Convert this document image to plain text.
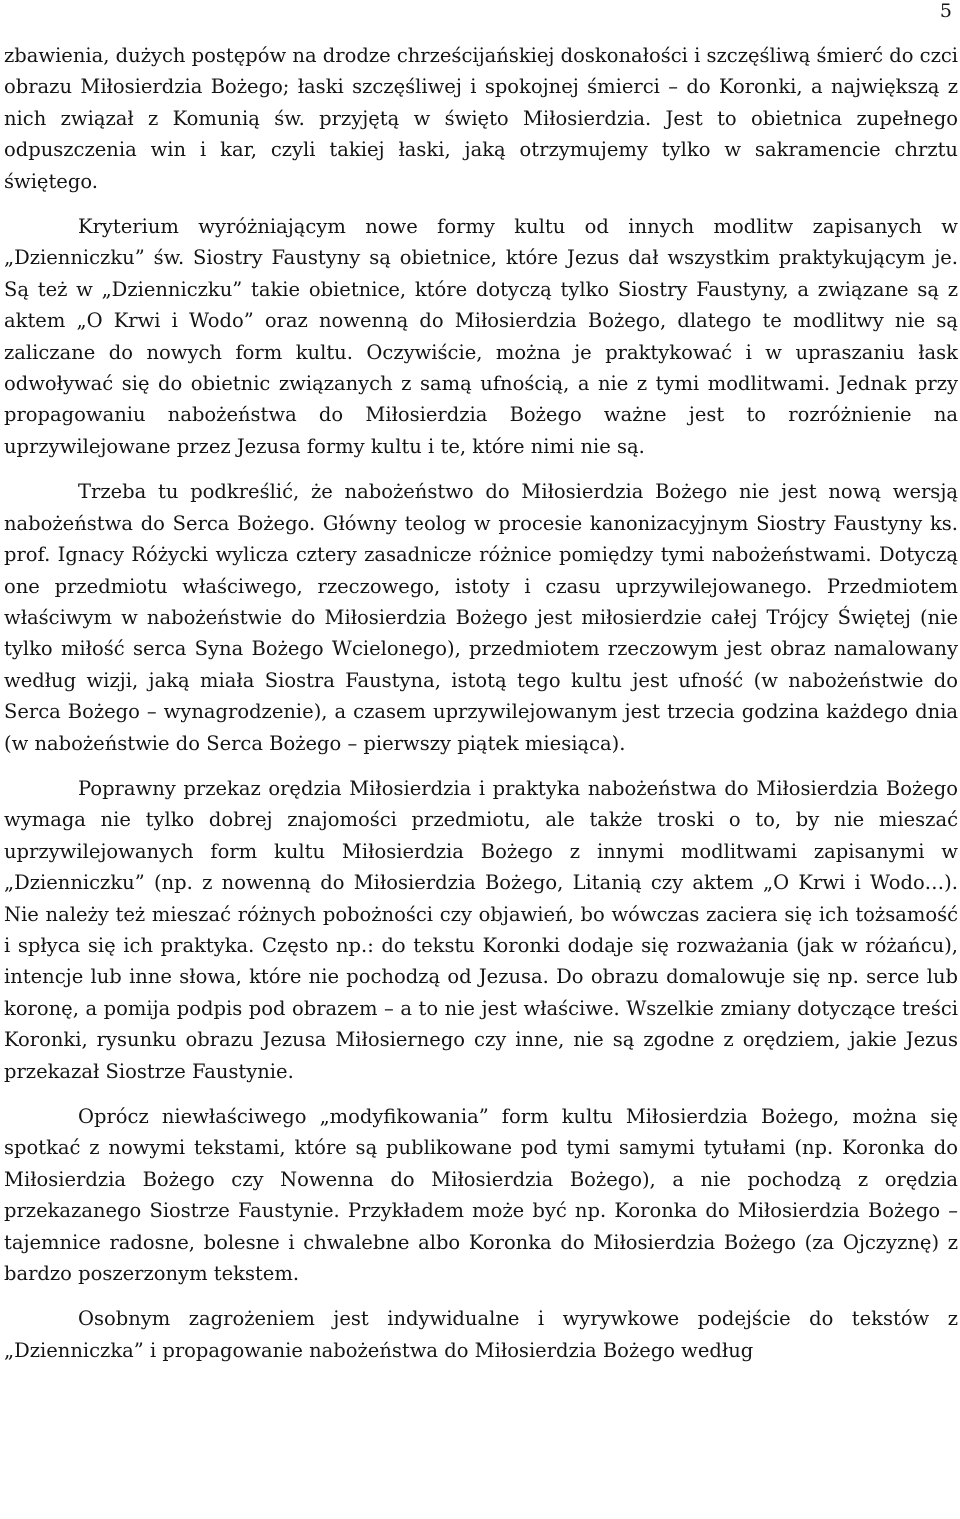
5

zbawienia, dużych postępów na drodze chrześcijańskiej doskonałości i szczęśliwą śmierć do czci obrazu Miłosierdzia Bożego; łaski szczęśliwej i spokojnej śmierci – do Koronki, a największą z nich związał z Komunią św. przyjętą w święto Miłosierdzia. Jest to obietnica zupełnego odpuszczenia win i kar, czyli takiej łaski, jaką otrzymujemy tylko w sakramencie chrztu świętego.

Kryterium wyróżniającym nowe formy kultu od innych modlitw zapisanych w „Dzienniczku” św. Siostry Faustyny są obietnice, które Jezus dał wszystkim praktykującym je. Są też w „Dzienniczku” takie obietnice, które dotyczą tylko Siostry Faustyny, a związane są z aktem „O Krwi i Wodo” oraz nowenną do Miłosierdzia Bożego, dlatego te modlitwy nie są zaliczane do nowych form kultu. Oczywiście, można je praktykować i w upraszaniu łask odwoływać się do obietnic związanych z samą ufnością, a nie z tymi modlitwami. Jednak przy propagowaniu nabożeństwa do Miłosierdzia Bożego ważne jest to rozróżnienie na uprzywilejowane przez Jezusa formy kultu i te, które nimi nie są.

Trzeba tu podkreślić, że nabożeństwo do Miłosierdzia Bożego nie jest nową wersją nabożeństwa do Serca Bożego. Główny teolog w procesie kanonizacyjnym Siostry Faustyny ks. prof. Ignacy Różycki wylicza cztery zasadnicze różnice pomiędzy tymi nabożeństwami. Dotyczą one przedmiotu właściwego, rzeczowego, istoty i czasu uprzywilejowanego. Przedmiotem właściwym w nabożeństwie do Miłosierdzia Bożego jest miłosierdzie całej Trójcy Świętej (nie tylko miłość serca Syna Bożego Wcielonego), przedmiotem rzeczowym jest obraz namalowany według wizji, jaką miała Siostra Faustyna, istotą tego kultu jest ufność (w nabożeństwie do Serca Bożego – wynagrodzenie), a czasem uprzywilejowanym jest trzecia godzina każdego dnia (w nabożeństwie do Serca Bożego – pierwszy piątek miesiąca).

Poprawny przekaz orędzia Miłosierdzia i praktyka nabożeństwa do Miłosierdzia Bożego wymaga nie tylko dobrej znajomości przedmiotu, ale także troski o to, by nie mieszać uprzywilejowanych form kultu Miłosierdzia Bożego z innymi modlitwami zapisanymi w „Dzienniczku” (np. z nowenną do Miłosierdzia Bożego, Litanią czy aktem „O Krwi i Wodo…). Nie należy też mieszać różnych pobożności czy objawień, bo wówczas zaciera się ich tożsamość i spłyca się ich praktyka. Często np.: do tekstu Koronki dodaje się rozważania (jak w różańcu), intencje lub inne słowa, które nie pochodzą od Jezusa. Do obrazu domalowuje się np. serce lub koronę, a pomija podpis pod obrazem – a to nie jest właściwe. Wszelkie zmiany dotyczące treści Koronki, rysunku obrazu Jezusa Miłosiernego czy inne, nie są zgodne z orędziem, jakie Jezus przekazał Siostrze Faustynie.

Oprócz niewłaściwego „modyfikowania” form kultu Miłosierdzia Bożego, można się spotkać z nowymi tekstami, które są publikowane pod tymi samymi tytułami (np. Koronka do Miłosierdzia Bożego czy Nowenna do Miłosierdzia Bożego), a nie pochodzą z orędzia przekazanego Siostrze Faustynie. Przykładem może być np. Koronka do Miłosierdzia Bożego – tajemnice radosne, bolesne i chwalebne albo Koronka do Miłosierdzia Bożego (za Ojczyznę) z bardzo poszerzonym tekstem.

Osobnym zagrożeniem jest indywidualne i wyrywkowe podejście do tekstów z „Dzienniczka” i propagowanie nabożeństwa do Miłosierdzia Bożego według
